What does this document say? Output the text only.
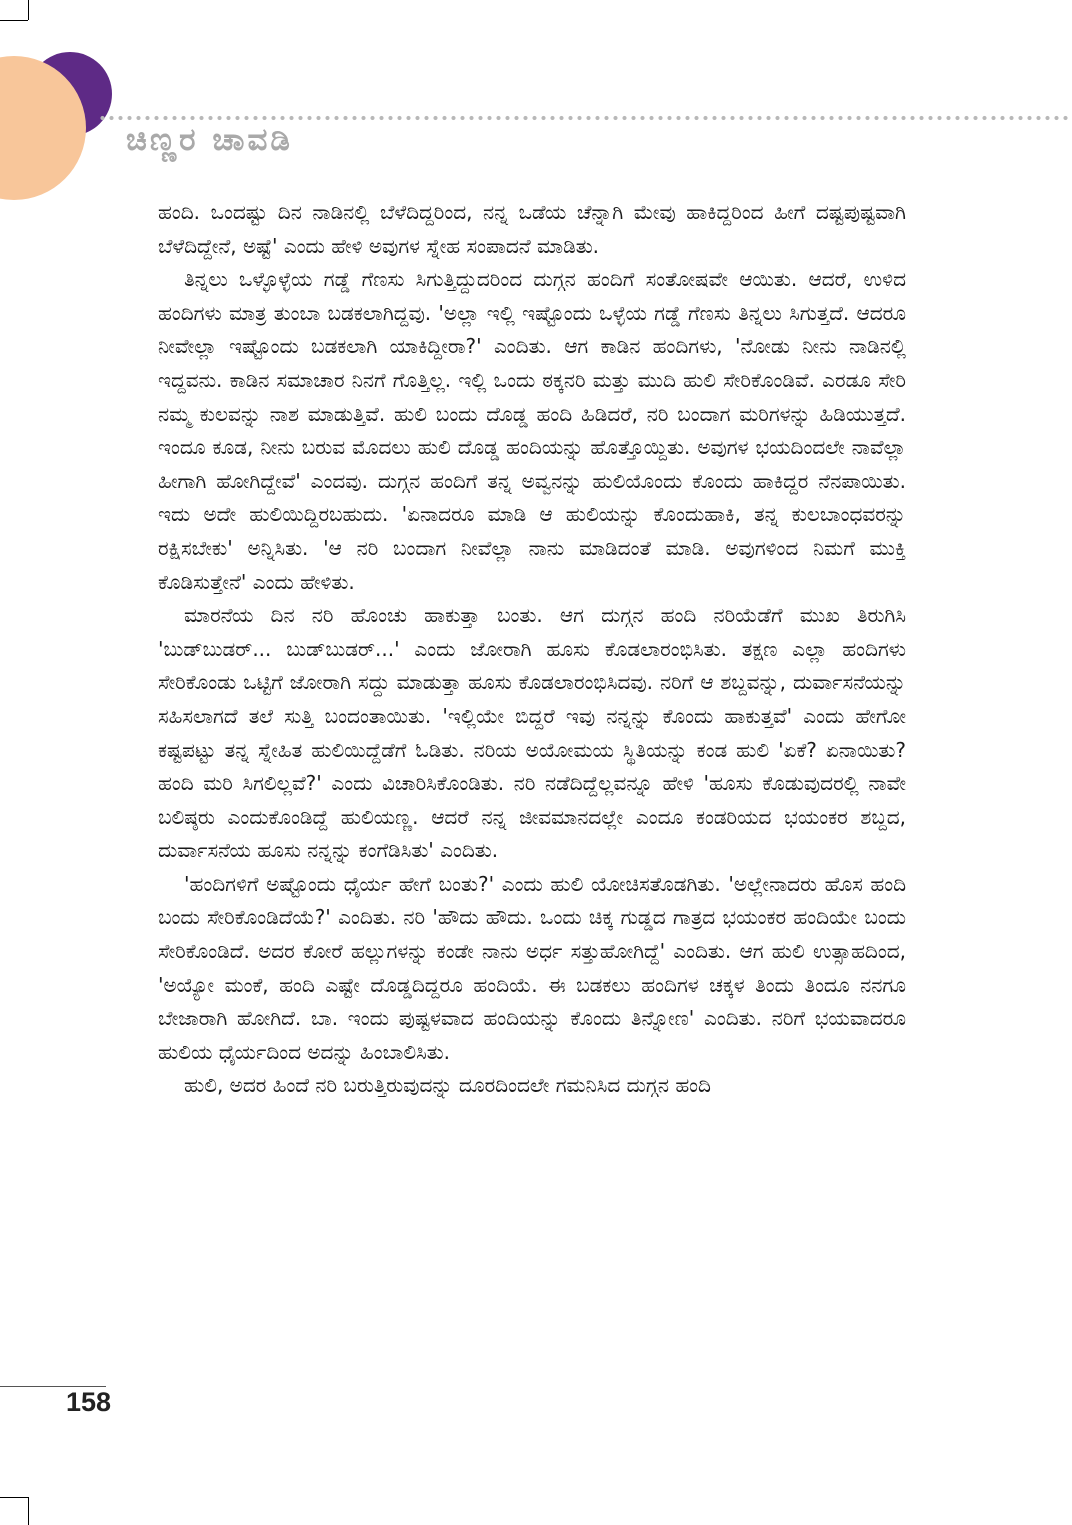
ಚಿಣ್ಣರ ಚಾವಡಿ

ಹಂದಿ. ಒಂದಷ್ಟು ದಿನ ನಾಡಿನಲ್ಲಿ ಬೆಳೆದಿದ್ದರಿಂದ, ನನ್ನ ಒಡೆಯ ಚೆನ್ನಾಗಿ ಮೇವು ಹಾಕಿದ್ದರಿಂದ ಹೀಗೆ ದಷ್ಟಪುಷ್ಟವಾಗಿ ಬೆಳೆದಿದ್ದೇನೆ, ಅಷ್ಟೆ' ಎಂದು ಹೇಳಿ ಅವುಗಳ ಸ್ನೇಹ ಸಂಪಾದನೆ ಮಾಡಿತು.

ತಿನ್ನಲು ಒಳ್ಳೊಳ್ಳೆಯ ಗಡ್ಡೆ ಗೆಣಸು ಸಿಗುತ್ತಿದ್ದುದರಿಂದ ದುಗ್ಗನ ಹಂದಿಗೆ ಸಂತೋಷವೇ ಆಯಿತು. ಆದರೆ, ಉಳಿದ ಹಂದಿಗಳು ಮಾತ್ರ ತುಂಬಾ ಬಡಕಲಾಗಿದ್ದವು. 'ಅಲ್ಲಾ ಇಲ್ಲಿ ಇಷ್ಟೊಂದು ಒಳ್ಳೆಯ ಗಡ್ಡೆ ಗೆಣಸು ತಿನ್ನಲು ಸಿಗುತ್ತದೆ. ಆದರೂ ನೀವೇಲ್ಲಾ ಇಷ್ಟೊಂದು ಬಡಕಲಾಗಿ ಯಾಕಿದ್ದೀರಾ?' ಎಂದಿತು. ಆಗ ಕಾಡಿನ ಹಂದಿಗಳು, 'ನೋಡು ನೀನು ನಾಡಿನಲ್ಲಿ ಇದ್ದವನು. ಕಾಡಿನ ಸಮಾಚಾರ ನಿನಗೆ ಗೊತ್ತಿಲ್ಲ. ಇಲ್ಲಿ ಒಂದು ಠಕ್ಕನರಿ ಮತ್ತು ಮುದಿ ಹುಲಿ ಸೇರಿಕೊಂಡಿವೆ. ಎರಡೂ ಸೇರಿ ನಮ್ಮ ಕುಲವನ್ನು ನಾಶ ಮಾಡುತ್ತಿವೆ. ಹುಲಿ ಬಂದು ದೊಡ್ಡ ಹಂದಿ ಹಿಡಿದರೆ, ನರಿ ಬಂದಾಗ ಮರಿಗಳನ್ನು ಹಿಡಿಯುತ್ತದೆ. ಇಂದೂ ಕೂಡ, ನೀನು ಬರುವ ಮೊದಲು ಹುಲಿ ದೊಡ್ಡ ಹಂದಿಯನ್ನು ಹೊತ್ತೊಯ್ದಿತು. ಅವುಗಳ ಭಯದಿಂದಲೇ ನಾವೆಲ್ಲಾ ಹೀಗಾಗಿ ಹೋಗಿದ್ದೇವೆ' ಎಂದವು. ದುಗ್ಗನ ಹಂದಿಗೆ ತನ್ನ ಅವ್ವನನ್ನು ಹುಲಿಯೊಂದು ಕೊಂದು ಹಾಕಿದ್ದರ ನೆನಪಾಯಿತು. ಇದು ಅದೇ ಹುಲಿಯಿದ್ದಿರಬಹುದು. 'ಏನಾದರೂ ಮಾಡಿ ಆ ಹುಲಿಯನ್ನು ಕೊಂದುಹಾಕಿ, ತನ್ನ ಕುಲಬಾಂಧವರನ್ನು ರಕ್ಷಿಸಬೇಕು' ಅನ್ನಿಸಿತು. 'ಆ ನರಿ ಬಂದಾಗ ನೀವೆಲ್ಲಾ ನಾನು ಮಾಡಿದಂತೆ ಮಾಡಿ. ಅವುಗಳಿಂದ ನಿಮಗೆ ಮುಕ್ತಿ ಕೊಡಿಸುತ್ತೇನೆ' ಎಂದು ಹೇಳಿತು.

ಮಾರನೆಯ ದಿನ ನರಿ ಹೊಂಚು ಹಾಕುತ್ತಾ ಬಂತು. ಆಗ ದುಗ್ಗನ ಹಂದಿ ನರಿಯೆಡೆಗೆ ಮುಖ ತಿರುಗಿಸಿ 'ಬುಡ್‌ಬುಡರ್... ಬುಡ್‌ಬುಡರ್...' ಎಂದು ಜೋರಾಗಿ ಹೂಸು ಕೊಡಲಾರಂಭಿಸಿತು. ತಕ್ಷಣ ಎಲ್ಲಾ ಹಂದಿಗಳು ಸೇರಿಕೊಂಡು ಒಟ್ಟಿಗೆ ಜೋರಾಗಿ ಸದ್ದು ಮಾಡುತ್ತಾ ಹೂಸು ಕೊಡಲಾರಂಭಿಸಿದವು. ನರಿಗೆ ಆ ಶಬ್ದವನ್ನು, ದುರ್ವಾಸನೆಯನ್ನು ಸಹಿಸಲಾಗದೆ ತಲೆ ಸುತ್ತಿ ಬಂದಂತಾಯಿತು. 'ಇಲ್ಲಿಯೇ ಬಿದ್ದರೆ ಇವು ನನ್ನನ್ನು ಕೊಂದು ಹಾಕುತ್ತವೆ' ಎಂದು ಹೇಗೋ ಕಷ್ಟಪಟ್ಟು ತನ್ನ ಸ್ನೇಹಿತ ಹುಲಿಯಿದ್ದೆಡೆಗೆ ಓಡಿತು. ನರಿಯ ಅಯೋಮಯ ಸ್ಥಿತಿಯನ್ನು ಕಂಡ ಹುಲಿ 'ಏಕೆ? ಏನಾಯಿತು? ಹಂದಿ ಮರಿ ಸಿಗಲಿಲ್ಲವೆ?' ಎಂದು ವಿಚಾರಿಸಿಕೊಂಡಿತು. ನರಿ ನಡೆದಿದ್ದೆಲ್ಲವನ್ನೂ ಹೇಳಿ 'ಹೂಸು ಕೊಡುವುದರಲ್ಲಿ ನಾವೇ ಬಲಿಷ್ಠರು ಎಂದುಕೊಂಡಿದ್ದೆ ಹುಲಿಯಣ್ಣ. ಆದರೆ ನನ್ನ ಜೀವಮಾನದಲ್ಲೇ ಎಂದೂ ಕಂಡರಿಯದ ಭಯಂಕರ ಶಬ್ದದ, ದುರ್ವಾಸನೆಯ ಹೂಸು ನನ್ನನ್ನು ಕಂಗೆಡಿಸಿತು' ಎಂದಿತು.

'ಹಂದಿಗಳಿಗೆ ಅಷ್ಟೊಂದು ಧೈರ್ಯ ಹೇಗೆ ಬಂತು?' ಎಂದು ಹುಲಿ ಯೋಚಿಸತೊಡಗಿತು. 'ಅಲ್ಲೇನಾದರು ಹೊಸ ಹಂದಿ ಬಂದು ಸೇರಿಕೊಂಡಿದೆಯೆ?' ಎಂದಿತು. ನರಿ 'ಹೌದು ಹೌದು. ಒಂದು ಚಿಕ್ಕ ಗುಡ್ಡದ ಗಾತ್ರದ ಭಯಂಕರ ಹಂದಿಯೇ ಬಂದು ಸೇರಿಕೊಂಡಿದೆ. ಅದರ ಕೋರೆ ಹಲ್ಲುಗಳನ್ನು ಕಂಡೇ ನಾನು ಅರ್ಧ ಸತ್ತುಹೋಗಿದ್ದೆ' ಎಂದಿತು. ಆಗ ಹುಲಿ ಉತ್ಸಾಹದಿಂದ, 'ಅಯ್ಯೋ ಮಂಕೆ, ಹಂದಿ ಎಷ್ಟೇ ದೊಡ್ಡದಿದ್ದರೂ ಹಂದಿಯೆ. ಈ ಬಡಕಲು ಹಂದಿಗಳ ಚಕ್ಕಳ ತಿಂದು ತಿಂದೂ ನನಗೂ ಬೇಜಾರಾಗಿ ಹೋಗಿದೆ. ಬಾ. ಇಂದು ಪುಷ್ಟಳವಾದ ಹಂದಿಯನ್ನು ಕೊಂದು ತಿನ್ನೋಣ' ಎಂದಿತು. ನರಿಗೆ ಭಯವಾದರೂ ಹುಲಿಯ ಧೈರ್ಯದಿಂದ ಅದನ್ನು ಹಿಂಬಾಲಿಸಿತು.

ಹುಲಿ, ಅದರ ಹಿಂದೆ ನರಿ ಬರುತ್ತಿರುವುದನ್ನು ದೂರದಿಂದಲೇ ಗಮನಿಸಿದ ದುಗ್ಗನ ಹಂದಿ

158
